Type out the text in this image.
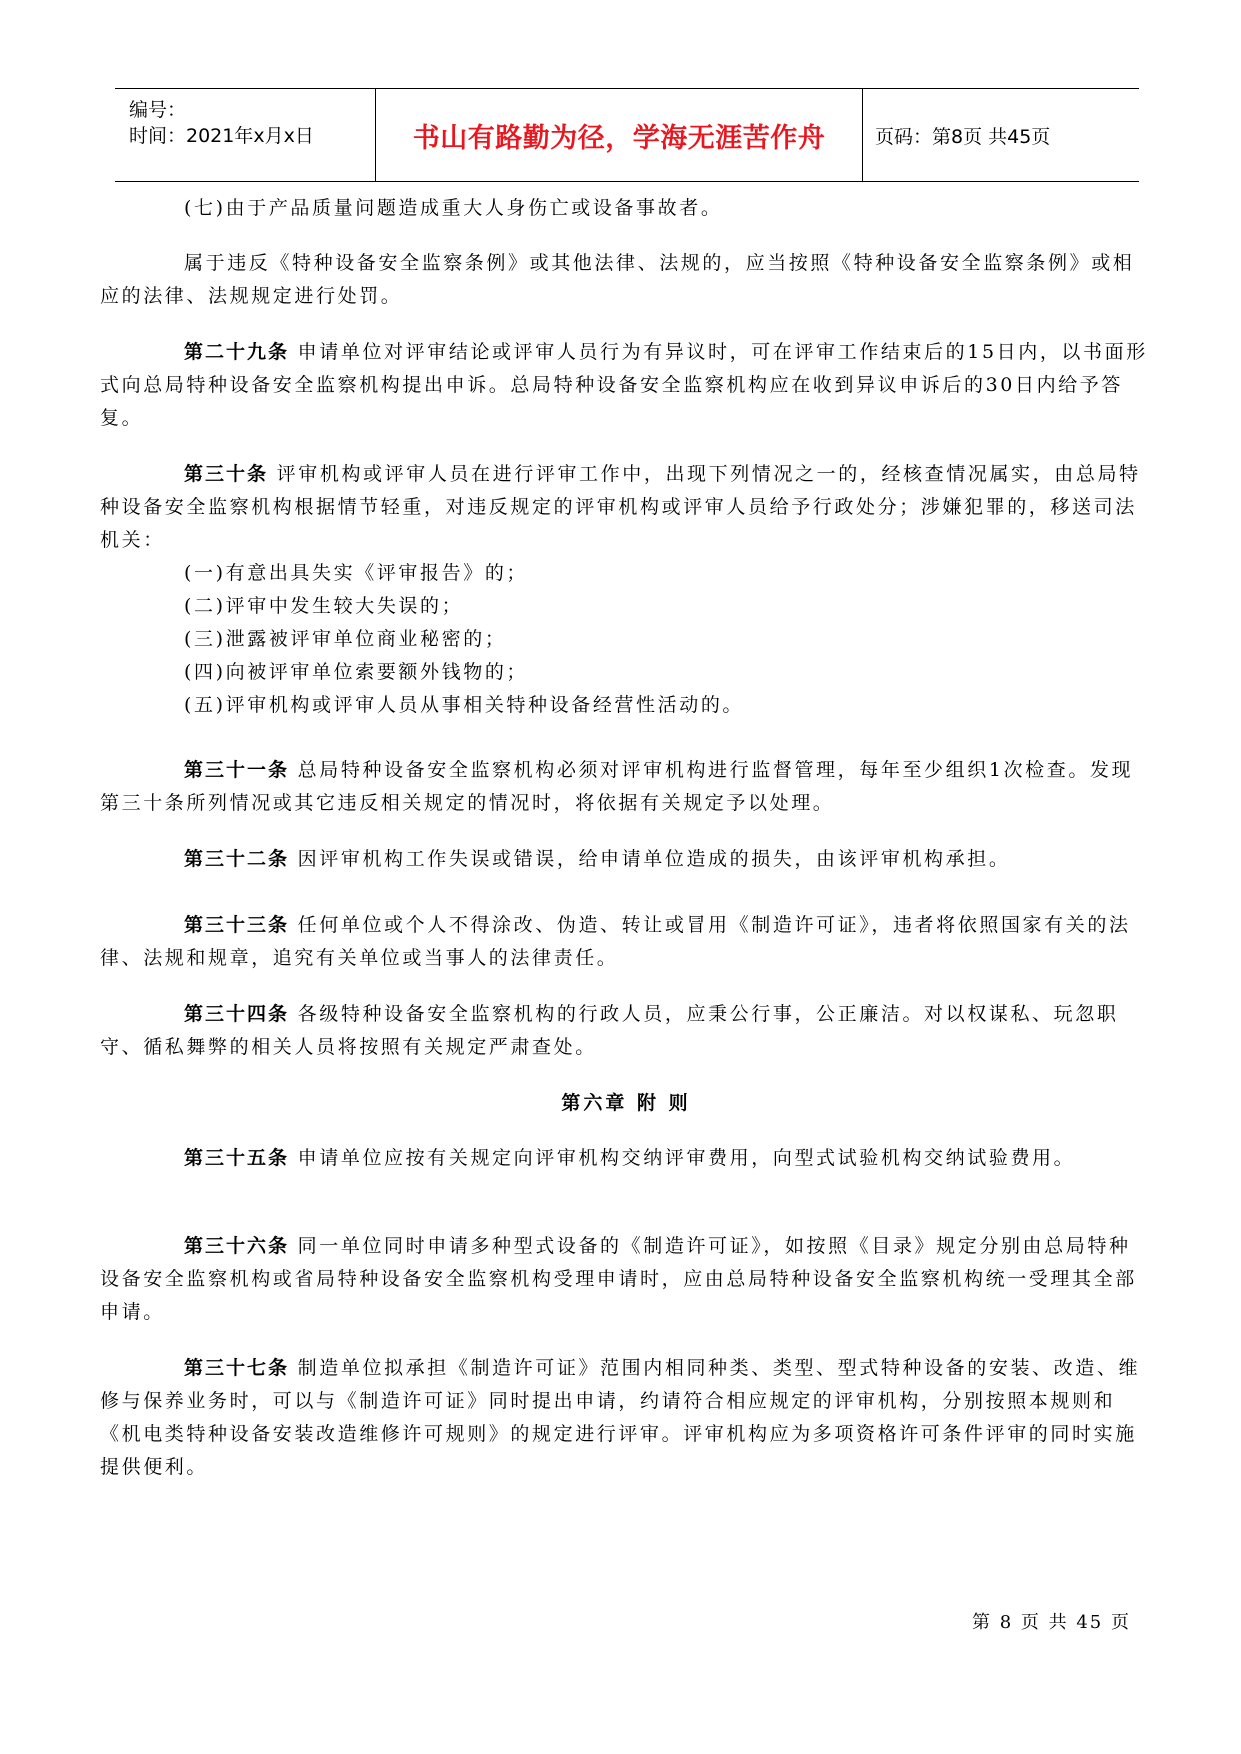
编号：
时间：2021年x月x日	书山有路勤为径，学海无涯苦作舟	页码：第8页 共45页
(七)由于产品质量问题造成重大人身伤亡或设备事故者。
属于违反《特种设备安全监察条例》或其他法律、法规的，应当按照《特种设备安全监察条例》或相应的法律、法规规定进行处罚。
第二十九条 申请单位对评审结论或评审人员行为有异议时，可在评审工作结束后的15日内，以书面形式向总局特种设备安全监察机构提出申诉。总局特种设备安全监察机构应在收到异议申诉后的30日内给予答复。
第三十条 评审机构或评审人员在进行评审工作中，出现下列情况之一的，经核查情况属实，由总局特种设备安全监察机构根据情节轻重，对违反规定的评审机构或评审人员给予行政处分；涉嫌犯罪的，移送司法机关：
(一)有意出具失实《评审报告》的；
(二)评审中发生较大失误的；
(三)泄露被评审单位商业秘密的；
(四)向被评审单位索要额外钱物的；
(五)评审机构或评审人员从事相关特种设备经营性活动的。
第三十一条 总局特种设备安全监察机构必须对评审机构进行监督管理，每年至少组织1次检查。发现第三十条所列情况或其它违反相关规定的情况时，将依据有关规定予以处理。
第三十二条 因评审机构工作失误或错误，给申请单位造成的损失，由该评审机构承担。
第三十三条 任何单位或个人不得涂改、伪造、转让或冒用《制造许可证》，违者将依照国家有关的法律、法规和规章，追究有关单位或当事人的法律责任。
第三十四条 各级特种设备安全监察机构的行政人员，应秉公行事，公正廉洁。对以权谋私、玩忽职守、循私舞弊的相关人员将按照有关规定严肃查处。
第六章 附 则
第三十五条 申请单位应按有关规定向评审机构交纳评审费用，向型式试验机构交纳试验费用。
第三十六条 同一单位同时申请多种型式设备的《制造许可证》，如按照《目录》规定分别由总局特种设备安全监察机构或省局特种设备安全监察机构受理申请时，应由总局特种设备安全监察机构统一受理其全部申请。
第三十七条 制造单位拟承担《制造许可证》范围内相同种类、类型、型式特种设备的安装、改造、维修与保养业务时，可以与《制造许可证》同时提出申请，约请符合相应规定的评审机构，分别按照本规则和《机电类特种设备安装改造维修许可规则》的规定进行评审。评审机构应为多项资格许可条件评审的同时实施提供便利。
第 8 页 共 45 页
